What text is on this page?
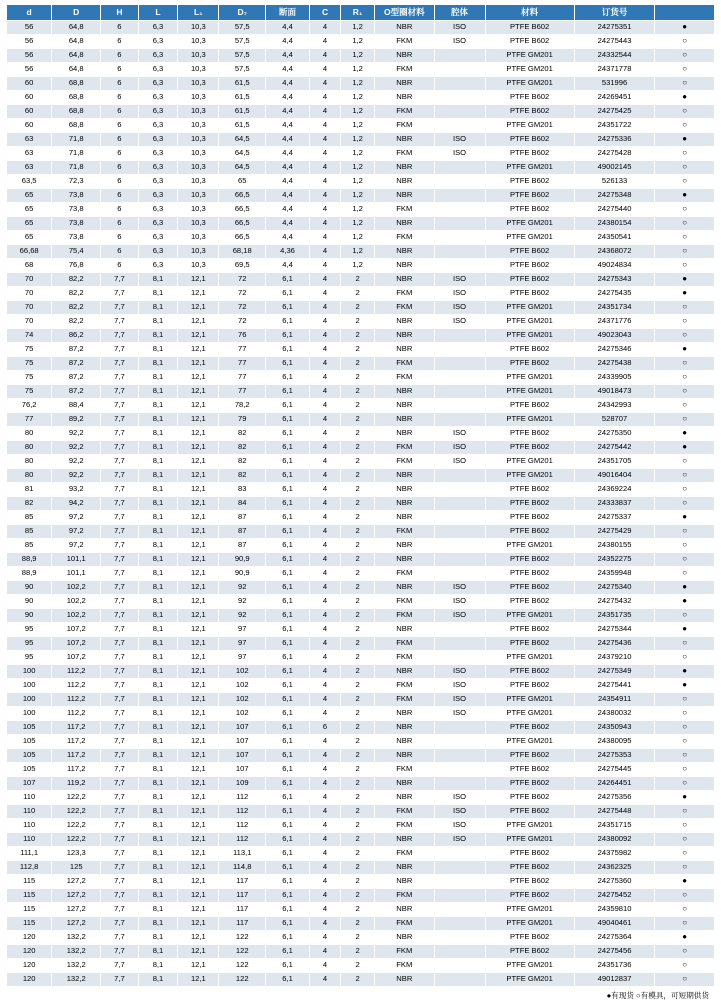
d	D	H	L	L₁	D₇	断面	C	R₁	O型圈材料	腔体	材料	订货号	
56	64,8	6	6,3	10,3	57,5	4,4	4	1,2	NBR	ISO	PTFE B602	24275351	●
56	64,8	6	6,3	10,3	57,5	4,4	4	1,2	FKM	ISO	PTFE B602	24275443	○
56	64,8	6	6,3	10,3	57,5	4,4	4	1,2	NBR		PTFE GM201	24332544	○
56	64,8	6	6,3	10,3	57,5	4,4	4	1,2	FKM		PTFE GM201	24371778	○
60	68,8	6	6,3	10,3	61,5	4,4	4	1,2	NBR		PTFE GM201	531996	○
60	68,8	6	6,3	10,3	61,5	4,4	4	1,2	NBR		PTFE B602	24269451	●
60	68,8	6	6,3	10,3	61,5	4,4	4	1,2	FKM		PTFE B602	24275425	○
60	68,8	6	6,3	10,3	61,5	4,4	4	1,2	FKM		PTFE GM201	24351722	○
63	71,8	6	6,3	10,3	64,5	4,4	4	1,2	NBR	ISO	PTFE B602	24275336	●
63	71,8	6	6,3	10,3	64,5	4,4	4	1,2	FKM	ISO	PTFE B602	24275428	○
63	71,8	6	6,3	10,3	64,5	4,4	4	1,2	NBR		PTFE GM201	49002145	○
63,5	72,3	6	6,3	10,3	65	4,4	4	1,2	NBR		PTFE B602	526133	○
65	73,8	6	6,3	10,3	66,5	4,4	4	1,2	NBR		PTFE B602	24275348	●
65	73,8	6	6,3	10,3	66,5	4,4	4	1,2	FKM		PTFE B602	24275440	○
65	73,8	6	6,3	10,3	66,5	4,4	4	1,2	NBR		PTFE GM201	24380154	○
65	73,8	6	6,3	10,3	66,5	4,4	4	1,2	FKM		PTFE GM201	24350541	○
66,68	75,4	6	6,3	10,3	68,18	4,36	4	1,2	NBR		PTFE B602	24368072	○
68	76,8	6	6,3	10,3	69,5	4,4	4	1,2	NBR		PTFE B602	49024834	○
70	82,2	7,7	8,1	12,1	72	6,1	4	2	NBR	ISO	PTFE B602	24275343	●
70	82,2	7,7	8,1	12,1	72	6,1	4	2	FKM	ISO	PTFE B602	24275435	●
70	82,2	7,7	8,1	12,1	72	6,1	4	2	FKM	ISO	PTFE GM201	24351734	○
70	82,2	7,7	8,1	12,1	72	6,1	4	2	NBR	ISO	PTFE GM201	24371776	○
74	86,2	7,7	8,1	12,1	76	6,1	4	2	NBR		PTFE GM201	49023043	○
75	87,2	7,7	8,1	12,1	77	6,1	4	2	NBR		PTFE B602	24275346	●
75	87,2	7,7	8,1	12,1	77	6,1	4	2	FKM		PTFE B602	24275438	○
75	87,2	7,7	8,1	12,1	77	6,1	4	2	FKM		PTFE GM201	24339905	○
75	87,2	7,7	8,1	12,1	77	6,1	4	2	NBR		PTFE GM201	49018473	○
76,2	88,4	7,7	8,1	12,1	78,2	6,1	4	2	NBR		PTFE B602	24342993	○
77	89,2	7,7	8,1	12,1	79	6,1	4	2	NBR		PTFE GM201	528707	○
80	92,2	7,7	8,1	12,1	82	6,1	4	2	NBR	ISO	PTFE B602	24275350	●
80	92,2	7,7	8,1	12,1	82	6,1	4	2	FKM	ISO	PTFE B602	24275442	●
80	92,2	7,7	8,1	12,1	82	6,1	4	2	FKM	ISO	PTFE GM201	24351705	○
80	92,2	7,7	8,1	12,1	82	6,1	4	2	NBR		PTFE GM201	49016404	○
81	93,2	7,7	8,1	12,1	83	6,1	4	2	NBR		PTFE B602	24369224	○
82	94,2	7,7	8,1	12,1	84	6,1	4	2	NBR		PTFE B602	24333837	○
85	97,2	7,7	8,1	12,1	87	6,1	4	2	NBR		PTFE B602	24275337	●
85	97,2	7,7	8,1	12,1	87	6,1	4	2	FKM		PTFE B602	24275429	○
85	97,2	7,7	8,1	12,1	87	6,1	4	2	NBR		PTFE GM201	24380155	○
88,9	101,1	7,7	8,1	12,1	90,9	6,1	4	2	NBR		PTFE B602	24352275	○
88,9	101,1	7,7	8,1	12,1	90,9	6,1	4	2	FKM		PTFE B602	24359948	○
90	102,2	7,7	8,1	12,1	92	6,1	4	2	NBR	ISO	PTFE B602	24275340	●
90	102,2	7,7	8,1	12,1	92	6,1	4	2	FKM	ISO	PTFE B602	24275432	●
90	102,2	7,7	8,1	12,1	92	6,1	4	2	FKM	ISO	PTFE GM201	24351735	○
95	107,2	7,7	8,1	12,1	97	6,1	4	2	NBR		PTFE B602	24275344	●
95	107,2	7,7	8,1	12,1	97	6,1	4	2	FKM		PTFE B602	24275436	○
95	107,2	7,7	8,1	12,1	97	6,1	4	2	FKM		PTFE GM201	24379210	○
100	112,2	7,7	8,1	12,1	102	6,1	4	2	NBR	ISO	PTFE B602	24275349	●
100	112,2	7,7	8,1	12,1	102	6,1	4	2	FKM	ISO	PTFE B602	24275441	●
100	112,2	7,7	8,1	12,1	102	6,1	4	2	FKM	ISO	PTFE GM201	24354911	○
100	112,2	7,7	8,1	12,1	102	6,1	4	2	NBR	ISO	PTFE GM201	24380032	○
105	117,2	7,7	8,1	12,1	107	6,1	6	2	NBR		PTFE B602	24350943	○
105	117,2	7,7	8,1	12,1	107	6,1	4	2	NBR		PTFE GM201	24380095	○
105	117,2	7,7	8,1	12,1	107	6,1	4	2	NBR		PTFE B602	24275353	○
105	117,2	7,7	8,1	12,1	107	6,1	4	2	FKM		PTFE B602	24275445	○
107	119,2	7,7	8,1	12,1	109	6,1	4	2	NBR		PTFE B602	24264451	○
110	122,2	7,7	8,1	12,1	112	6,1	4	2	NBR	ISO	PTFE B602	24275356	●
110	122,2	7,7	8,1	12,1	112	6,1	4	2	FKM	ISO	PTFE B602	24275448	○
110	122,2	7,7	8,1	12,1	112	6,1	4	2	FKM	ISO	PTFE GM201	24351715	○
110	122,2	7,7	8,1	12,1	112	6,1	4	2	NBR	ISO	PTFE GM201	24380092	○
111,1	123,3	7,7	8,1	12,1	113,1	6,1	4	2	FKM		PTFE B602	24375982	○
112,8	125	7,7	8,1	12,1	114,8	6,1	4	2	NBR		PTFE B602	24362325	○
115	127,2	7,7	8,1	12,1	117	6,1	4	2	NBR		PTFE B602	24275360	●
115	127,2	7,7	8,1	12,1	117	6,1	4	2	FKM		PTFE B602	24275452	○
115	127,2	7,7	8,1	12,1	117	6,1	4	2	NBR		PTFE GM201	24359810	○
115	127,2	7,7	8,1	12,1	117	6,1	4	2	FKM		PTFE GM201	49040461	○
120	132,2	7,7	8,1	12,1	122	6,1	4	2	NBR		PTFE B602	24275364	●
120	132,2	7,7	8,1	12,1	122	6,1	4	2	FKM		PTFE B602	24275456	○
120	132,2	7,7	8,1	12,1	122	6,1	4	2	FKM		PTFE GM201	24351736	○
120	132,2	7,7	8,1	12,1	122	6,1	4	2	NBR		PTFE GM201	49012837	○
●有现货 ○有模具，可短期供货
